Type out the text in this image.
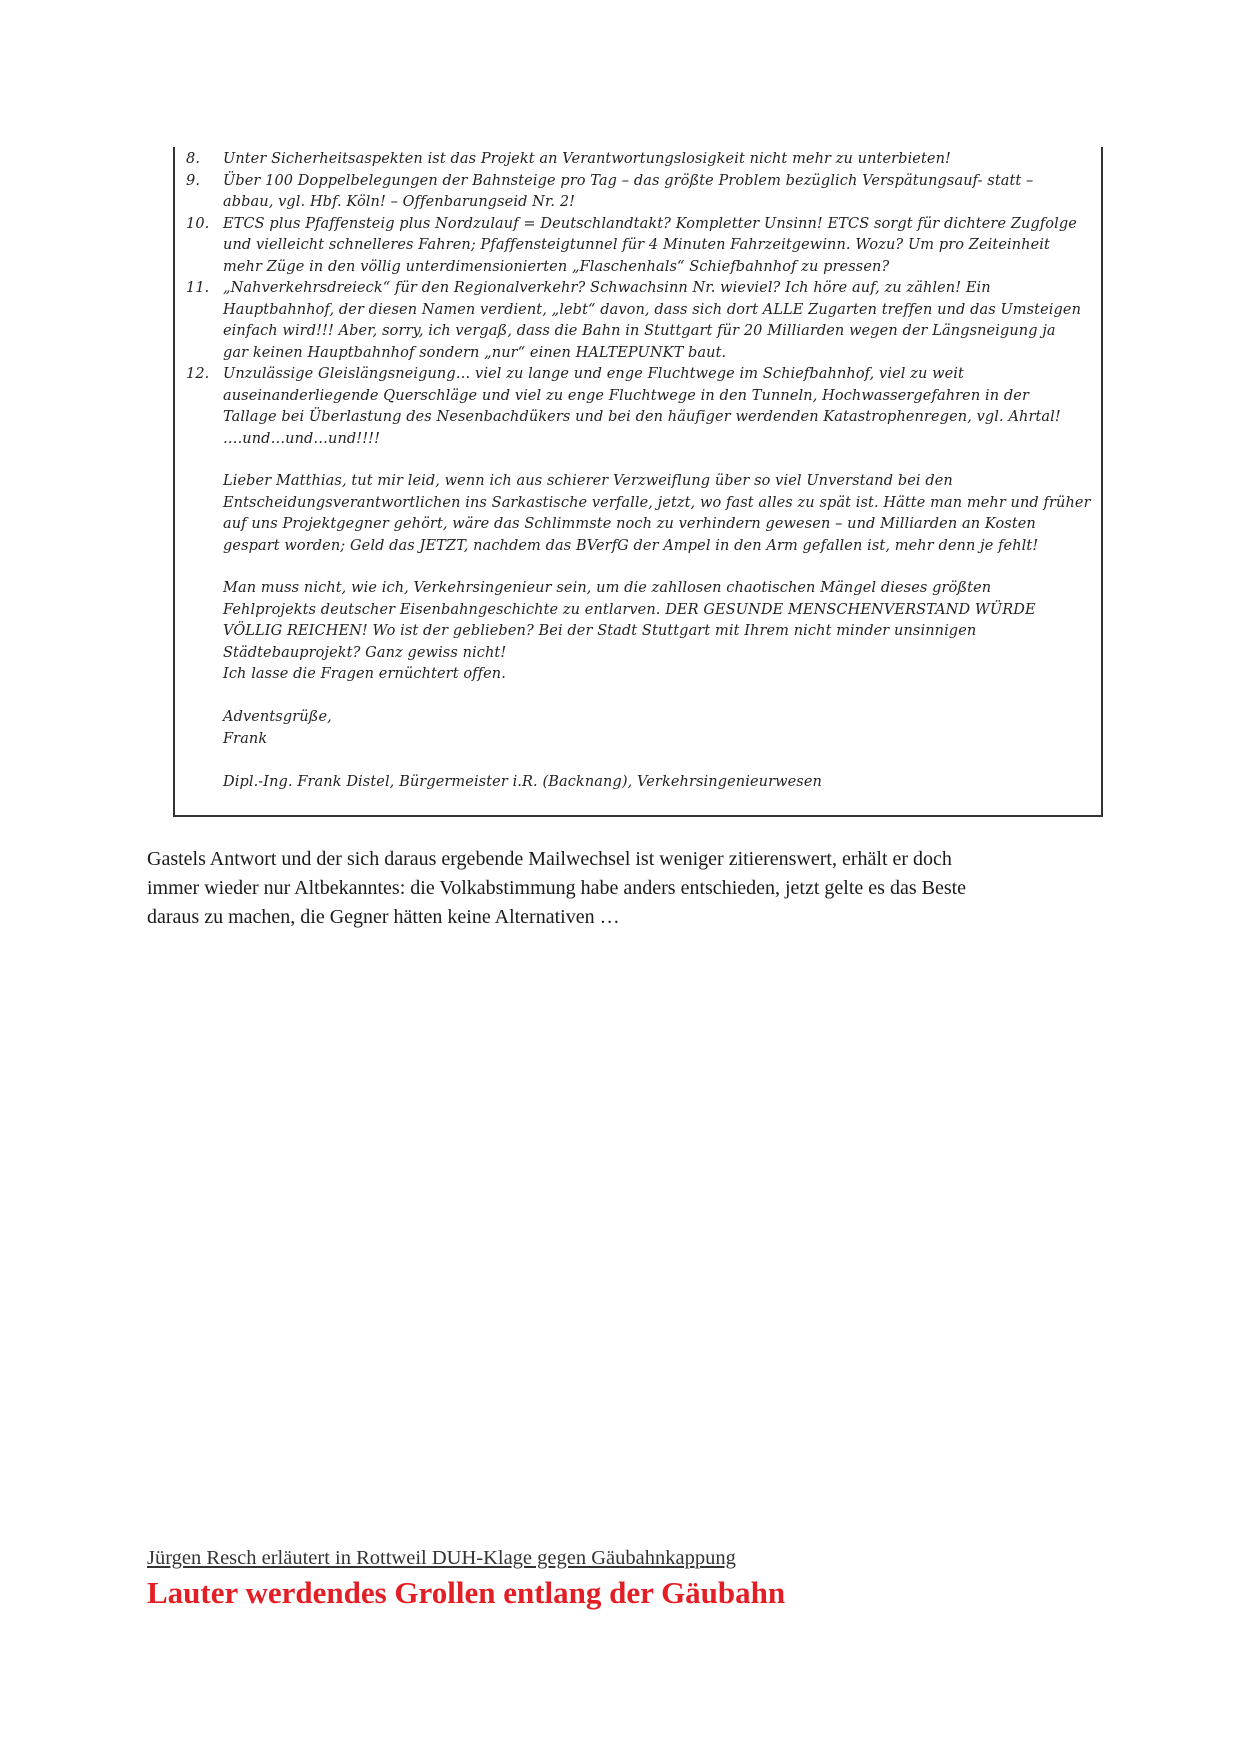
8. Unter Sicherheitsaspekten ist das Projekt an Verantwortungslosigkeit nicht mehr zu unterbieten!
9. Über 100 Doppelbelegungen der Bahnsteige pro Tag – das größte Problem bezüglich Verspätungsauf- statt –
abbau, vgl. Hbf. Köln! – Offenbarungseid Nr. 2!
10. ETCS plus Pfaffensteig plus Nordzulauf = Deutschlandtakt? Kompletter Unsinn! ETCS sorgt für dichtere Zugfolge
und vielleicht schnelleres Fahren; Pfaffensteigtunnel für 4 Minuten Fahrzeitgewinn. Wozu? Um pro Zeiteinheit
mehr Züge in den völlig unterdimensionierten „Flaschenhals“ Schiefbahnhof zu pressen?
11. „Nahverkehrsdreieck“ für den Regionalverkehr? Schwachsinn Nr. wieviel? Ich höre auf, zu zählen! Ein
Hauptbahnhof, der diesen Namen verdient, „lebt“ davon, dass sich dort ALLE Zugarten treffen und das Umsteigen
einfach wird!!! Aber, sorry, ich vergaß, dass die Bahn in Stuttgart für 20 Milliarden wegen der Längsneigung ja
gar keinen Hauptbahnhof sondern „nur“ einen HALTEPUNKT baut.
12. Unzulässige Gleislängsneigung… viel zu lange und enge Fluchtwege im Schiefbahnhof, viel zu weit
auseinanderliegende Querschläge und viel zu enge Fluchtwege in den Tunneln, Hochwassergefahren in der
Tallage bei Überlastung des Nesenbachdükers und bei den häufiger werdenden Katastrophenregen, vgl. Ahrtal!
….und…und…und!!!!
Lieber Matthias, tut mir leid, wenn ich aus schierer Verzweiflung über so viel Unverstand bei den
Entscheidungsverantwortlichen ins Sarkastische verfalle, jetzt, wo fast alles zu spät ist. Hätte man mehr und früher
auf uns Projektgegner gehört, wäre das Schlimmste noch zu verhindern gewesen – und Milliarden an Kosten
gespart worden; Geld das JETZT, nachdem das BVerfG der Ampel in den Arm gefallen ist, mehr denn je fehlt!
Man muss nicht, wie ich, Verkehrsingenieur sein, um die zahllosen chaotischen Mängel dieses größten
Fehlprojekts deutscher Eisenbahngeschichte zu entlarven. DER GESUNDE MENSCHENVERSTAND WÜRDE
VÖLLIG REICHEN! Wo ist der geblieben? Bei der Stadt Stuttgart mit Ihrem nicht minder unsinnigen
Städtebauprojekt? Ganz gewiss nicht!
Ich lasse die Fragen ernüchtert offen.
Adventsgrüße,
Frank
Dipl.-Ing. Frank Distel, Bürgermeister i.R. (Backnang), Verkehrsingenieurwesen
Gastels Antwort und der sich daraus ergebende Mailwechsel ist weniger zitierenswert, erhält er doch
immer wieder nur Altbekanntes: die Volkabstimmung habe anders entschieden, jetzt gelte es das Beste
daraus zu machen, die Gegner hätten keine Alternativen …
Jürgen Resch erläutert in Rottweil DUH-Klage gegen Gäubahnkappung
Lauter werdendes Grollen entlang der Gäubahn
